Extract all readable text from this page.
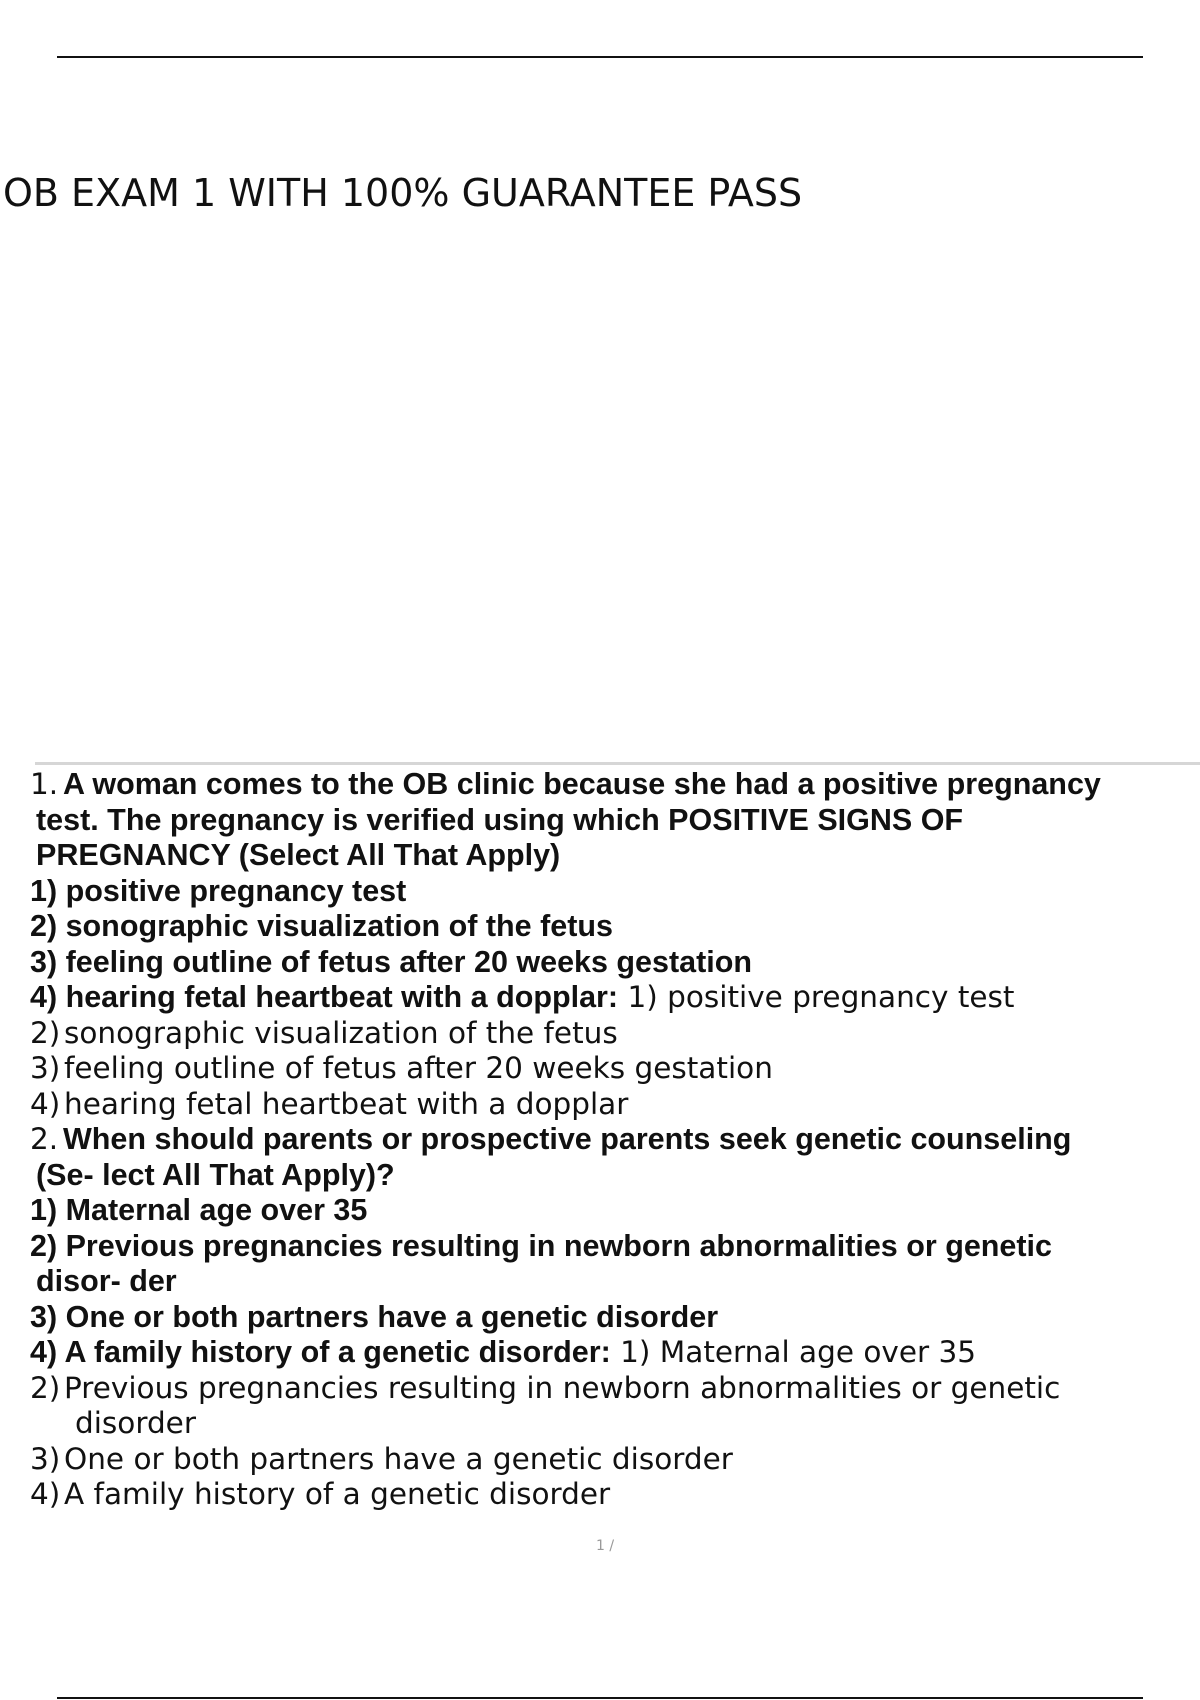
OB EXAM 1 WITH 100% GUARANTEE PASS
1. A woman comes to the OB clinic because she had a positive pregnancy
test. The pregnancy is verified using which POSITIVE SIGNS OF
PREGNANCY (Select All That Apply)
1) positive pregnancy test
2) sonographic visualization of the fetus
3) feeling outline of fetus after 20 weeks gestation
4) hearing fetal heartbeat with a dopplar: 1) positive pregnancy test
2) sonographic visualization of the fetus
3) feeling outline of fetus after 20 weeks gestation
4) hearing fetal heartbeat with a dopplar
2. When should parents or prospective parents seek genetic counseling
(Se- lect All That Apply)?
1) Maternal age over 35
2) Previous pregnancies resulting in newborn abnormalities or genetic
disor- der
3) One or both partners have a genetic disorder
4) A family history of a genetic disorder: 1) Maternal age over 35
2) Previous pregnancies resulting in newborn abnormalities or genetic
disorder
3) One or both partners have a genetic disorder
4) A family history of a genetic disorder
1 /
